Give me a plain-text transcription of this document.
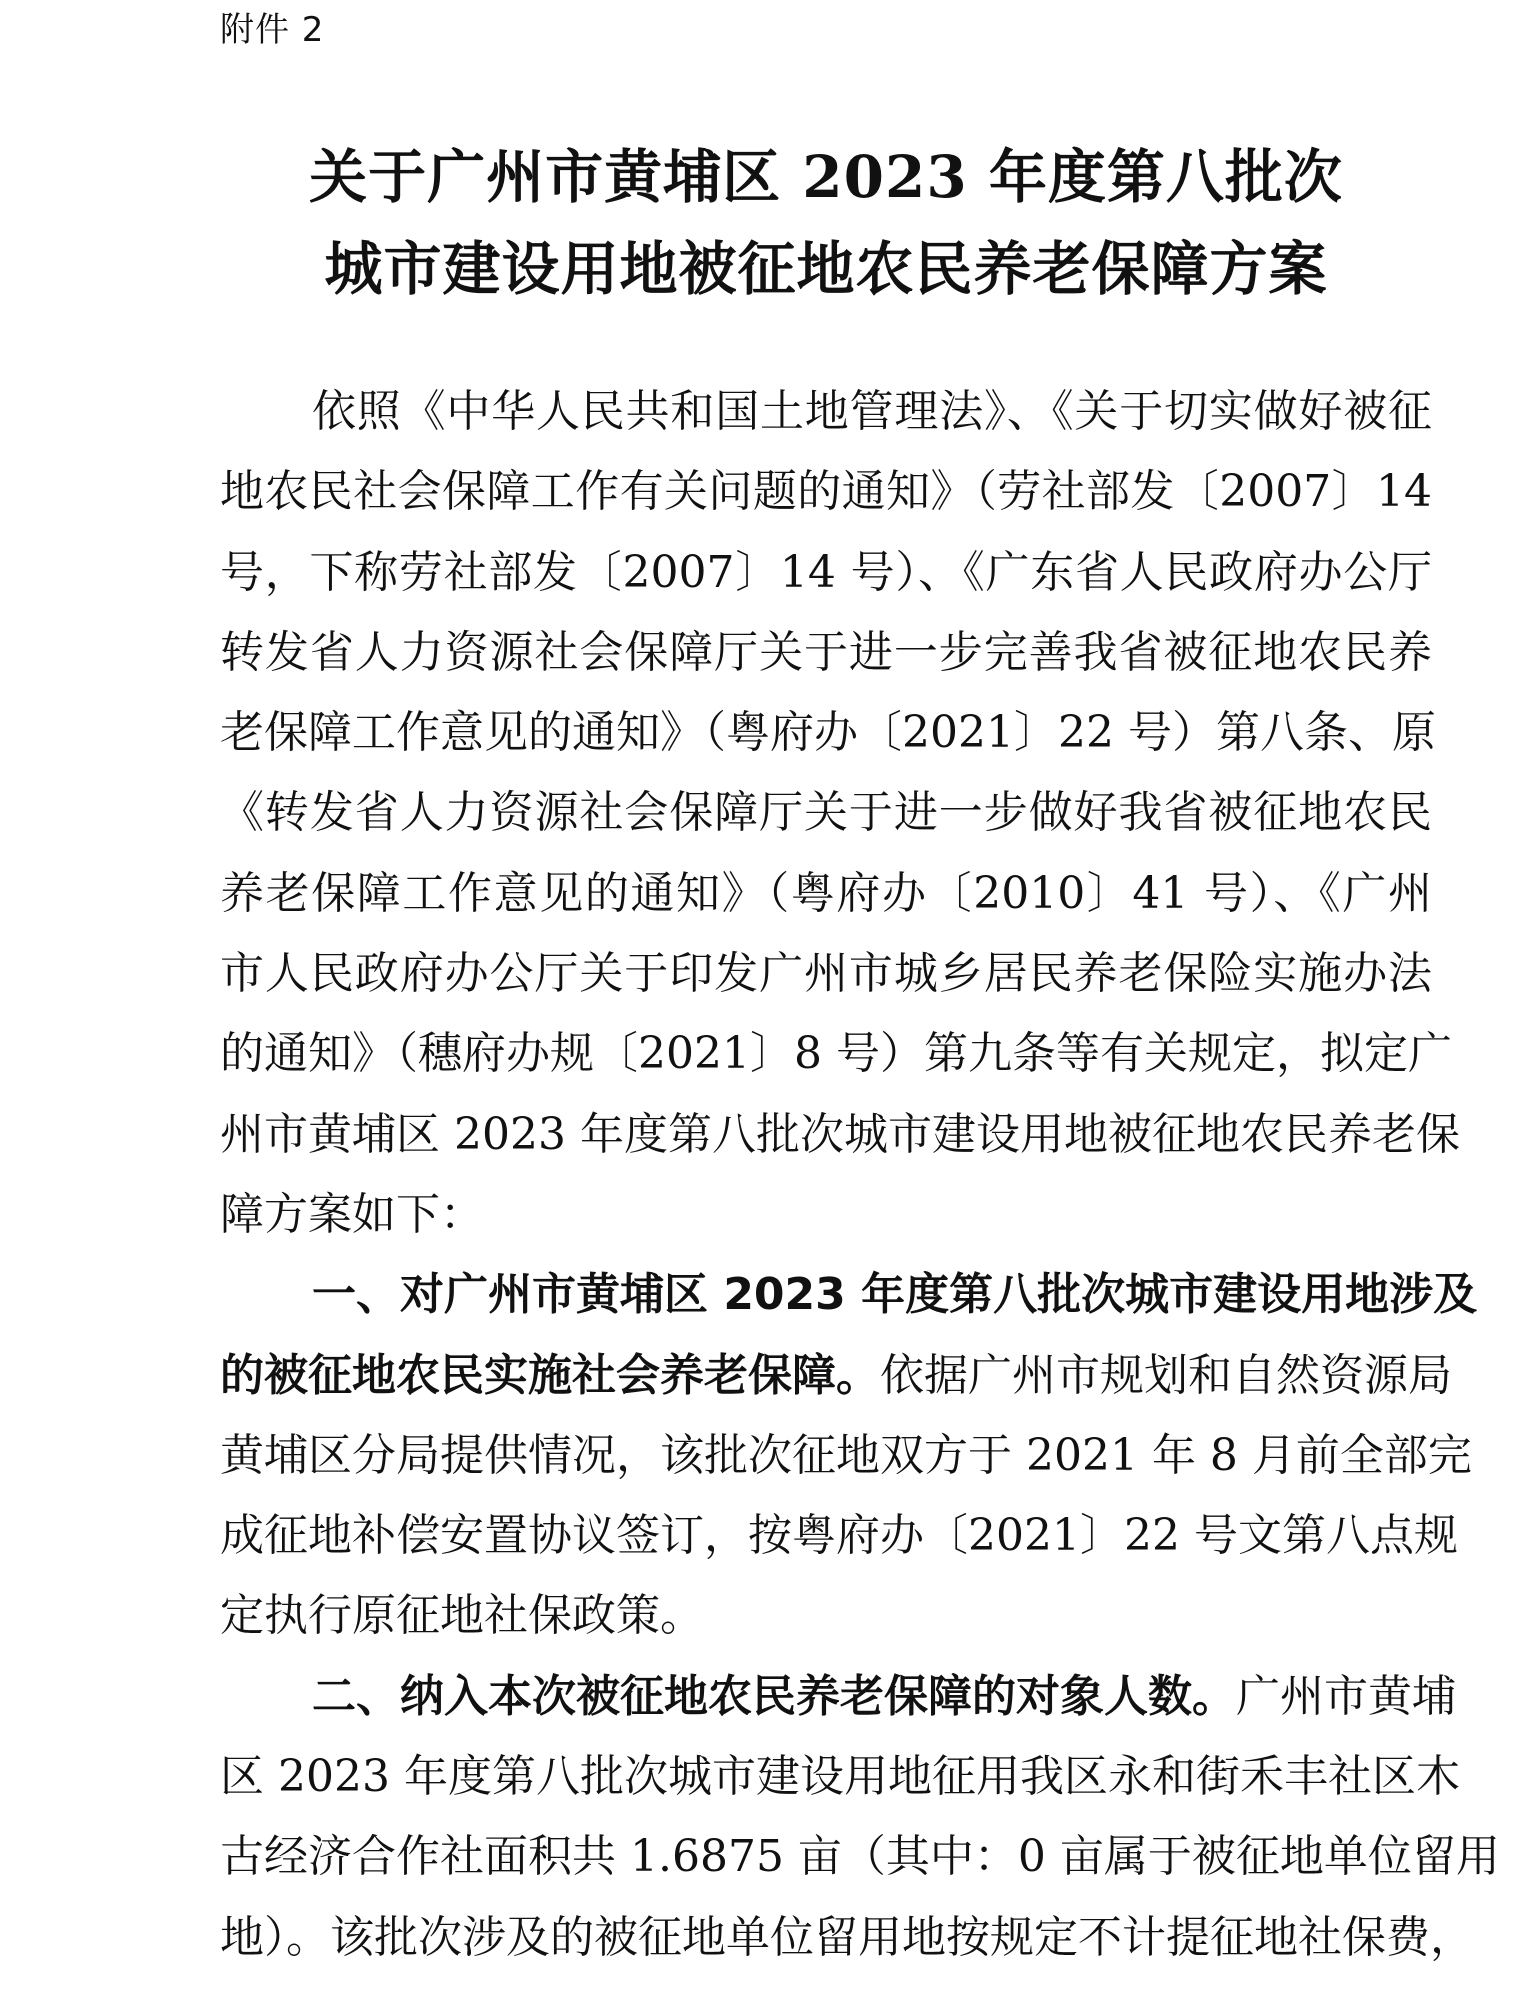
附件 2
关于广州市黄埔区 2023 年度第八批次
城市建设用地被征地农民养老保障方案
依照《中华人民共和国土地管理法》、《关于切实做好被征
地农民社会保障工作有关问题的通知》（劳社部发〔2007〕14
号，下称劳社部发〔2007〕14 号）、《广东省人民政府办公厅
转发省人力资源社会保障厅关于进一步完善我省被征地农民养
老保障工作意见的通知》（粤府办〔2021〕22 号）第八条、原
《转发省人力资源社会保障厅关于进一步做好我省被征地农民
养老保障工作意见的通知》（粤府办〔2010〕41 号）、《广州
市人民政府办公厅关于印发广州市城乡居民养老保险实施办法
的通知》（穗府办规〔2021〕8 号）第九条等有关规定，拟定广
州市黄埔区 2023 年度第八批次城市建设用地被征地农民养老保
障方案如下：
一、对广州市黄埔区 2023 年度第八批次城市建设用地涉及
的被征地农民实施社会养老保障。依据广州市规划和自然资源局
黄埔区分局提供情况，该批次征地双方于 2021 年 8 月前全部完
成征地补偿安置协议签订，按粤府办〔2021〕22 号文第八点规
定执行原征地社保政策。
二、纳入本次被征地农民养老保障的对象人数。广州市黄埔
区 2023 年度第八批次城市建设用地征用我区永和街禾丰社区木
古经济合作社面积共 1.6875 亩（其中：0 亩属于被征地单位留用
地）。该批次涉及的被征地单位留用地按规定不计提征地社保费，
